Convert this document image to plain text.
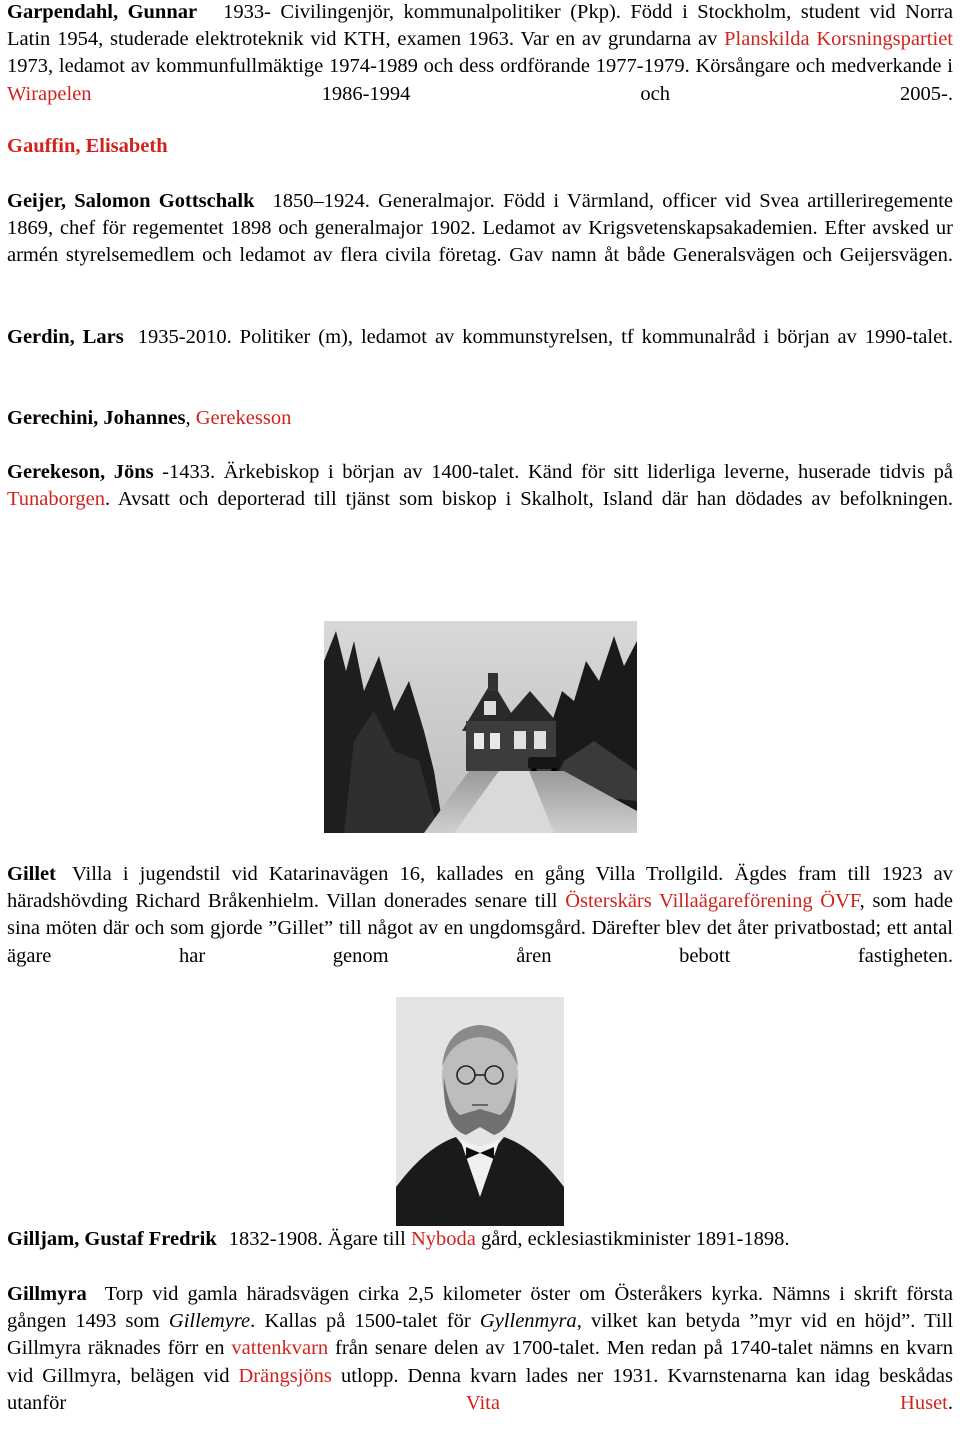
Garpendahl, Gunnar 1933- Civilingenjör, kommunalpolitiker (Pkp). Född i Stockholm, student vid Norra Latin 1954, studerade elektroteknik vid KTH, examen 1963. Var en av grundarna av Planskilda Korsningspartiet 1973, ledamot av kommunfullmäktige 1974-1989 och dess ordförande 1977-1979. Körsångare och medverkande i Wirapelen 1986-1994 och 2005-.
Gauffin, Elisabeth
Geijer, Salomon Gottschalk 1850–1924. Generalmajor. Född i Värmland, officer vid Svea artilleriregemente 1869, chef för regementet 1898 och generalmajor 1902. Ledamot av Krigsvetenskapsakademien. Efter avsked ur armén styrelsemedlem och ledamot av flera civila företag. Gav namn åt både Generalsvägen och Geijersvägen.
Gerdin, Lars 1935-2010. Politiker (m), ledamot av kommunstyrelsen, tf kommunalråd i början av 1990-talet.
Gerechini, Johannes, Gerekesson
Gerekeson, Jöns -1433. Ärkebiskop i början av 1400-talet. Känd för sitt liderliga leverne, huserade tidvis på Tunaborgen. Avsatt och deporterad till tjänst som biskop i Skalholt, Island där han dödades av befolkningen.
Gillet Villa i jugendstil vid Katarinavägen 16, kallades en gång Villa Trollgild. Ägdes fram till 1923 av häradshövding Richard Bråkenhielm. Villan donerades senare till Österskärs Villaägareförening ÖVF, som hade sina möten där och som gjorde ”Gillet” till något av en ungdomsgård. Därefter blev det åter privatbostad; ett antal ägare har genom åren bebott fastigheten.
Gilljam, Gustaf Fredrik 1832-1908. Ägare till Nyboda gård, ecklesiastikminister 1891-1898.
Gillmyra Torp vid gamla häradsvägen cirka 2,5 kilometer öster om Österåkers kyrka. Nämns i skrift första gången 1493 som Gillemyre. Kallas på 1500-talet för Gyllenmyra, vilket kan betyda ”myr vid en höjd”. Till Gillmyra räknades förr en vattenkvarn från senare delen av 1700-talet. Men redan på 1740-talet nämns en kvarn vid Gillmyra, belägen vid Drängsjöns utlopp. Denna kvarn lades ner 1931. Kvarnstenarna kan idag beskådas utanför Vita Huset.
